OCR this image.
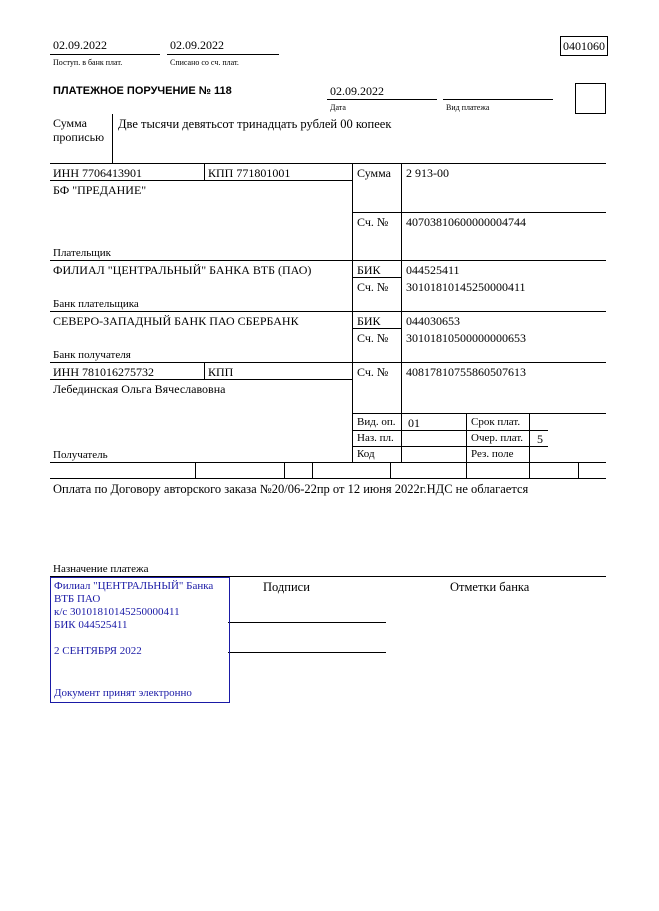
02.09.2022
Поступ. в банк плат.
02.09.2022
Списано со сч. плат.
0401060
ПЛАТЕЖНОЕ ПОРУЧЕНИЕ № 118	02.09.2022
Дата	Вид платежа
Сумма
прописью
Две тысячи девятьсот тринадцать рублей 00 копеек
ИНН 7706413901	КПП 771801001
БФ "ПРЕДАНИЕ"
Плательщик
Сумма 2 913-00
Сч. № 40703810600000004744
ФИЛИАЛ "ЦЕНТРАЛЬНЫЙ" БАНКА ВТБ (ПАО)
Банк плательщика
БИК 044525411
Сч. № 30101810145250000411
СЕВЕРО-ЗАПАДНЫЙ БАНК ПАО СБЕРБАНК
Банк получателя
БИК 044030653
Сч. № 30101810500000000653
ИНН 781016275732	КПП
Лебединская Ольга Вячеславовна
Получатель
Сч. № 40817810755860507613
Вид. оп. 01
Наз. пл.
Код
Срок плат.
Очер. плат. 5
Рез. поле
Оплата по Договору авторского заказа №20/06-22пр от 12 июня 2022г.НДС не облагается
Назначение платежа
Подписи	Отметки банка
Филиал "ЦЕНТРАЛЬНЫЙ" Банка
ВТБ ПАО
к/с 30101810145250000411
БИК 044525411
2 СЕНТЯБРЯ 2022
Документ принят электронно
